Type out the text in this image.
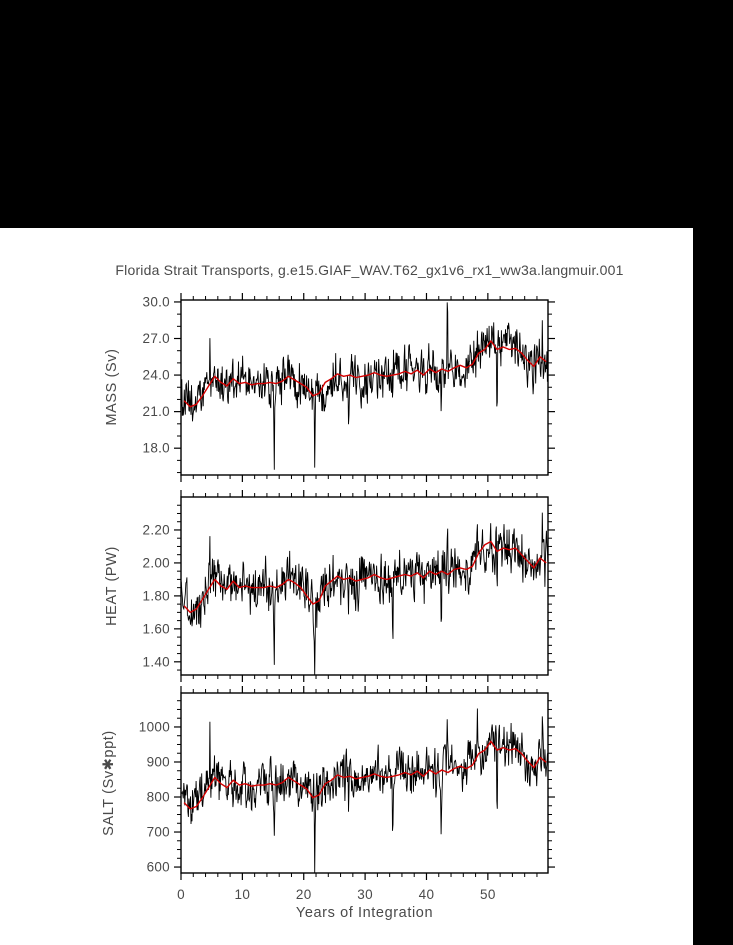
Florida Strait Transports, g.e15.GIAF_WAV.T62_gx1v6_rx1_ww3a.langmuir.001
18.0
21.0
24.0
27.0
30.0
1.40
1.60
1.80
2.00
2.20
600
700
800
900
1000
0	10	20	30	40	50
MASS (Sv)
HEAT (PW)
SALT (Sv✱ppt)
Years of Integration
